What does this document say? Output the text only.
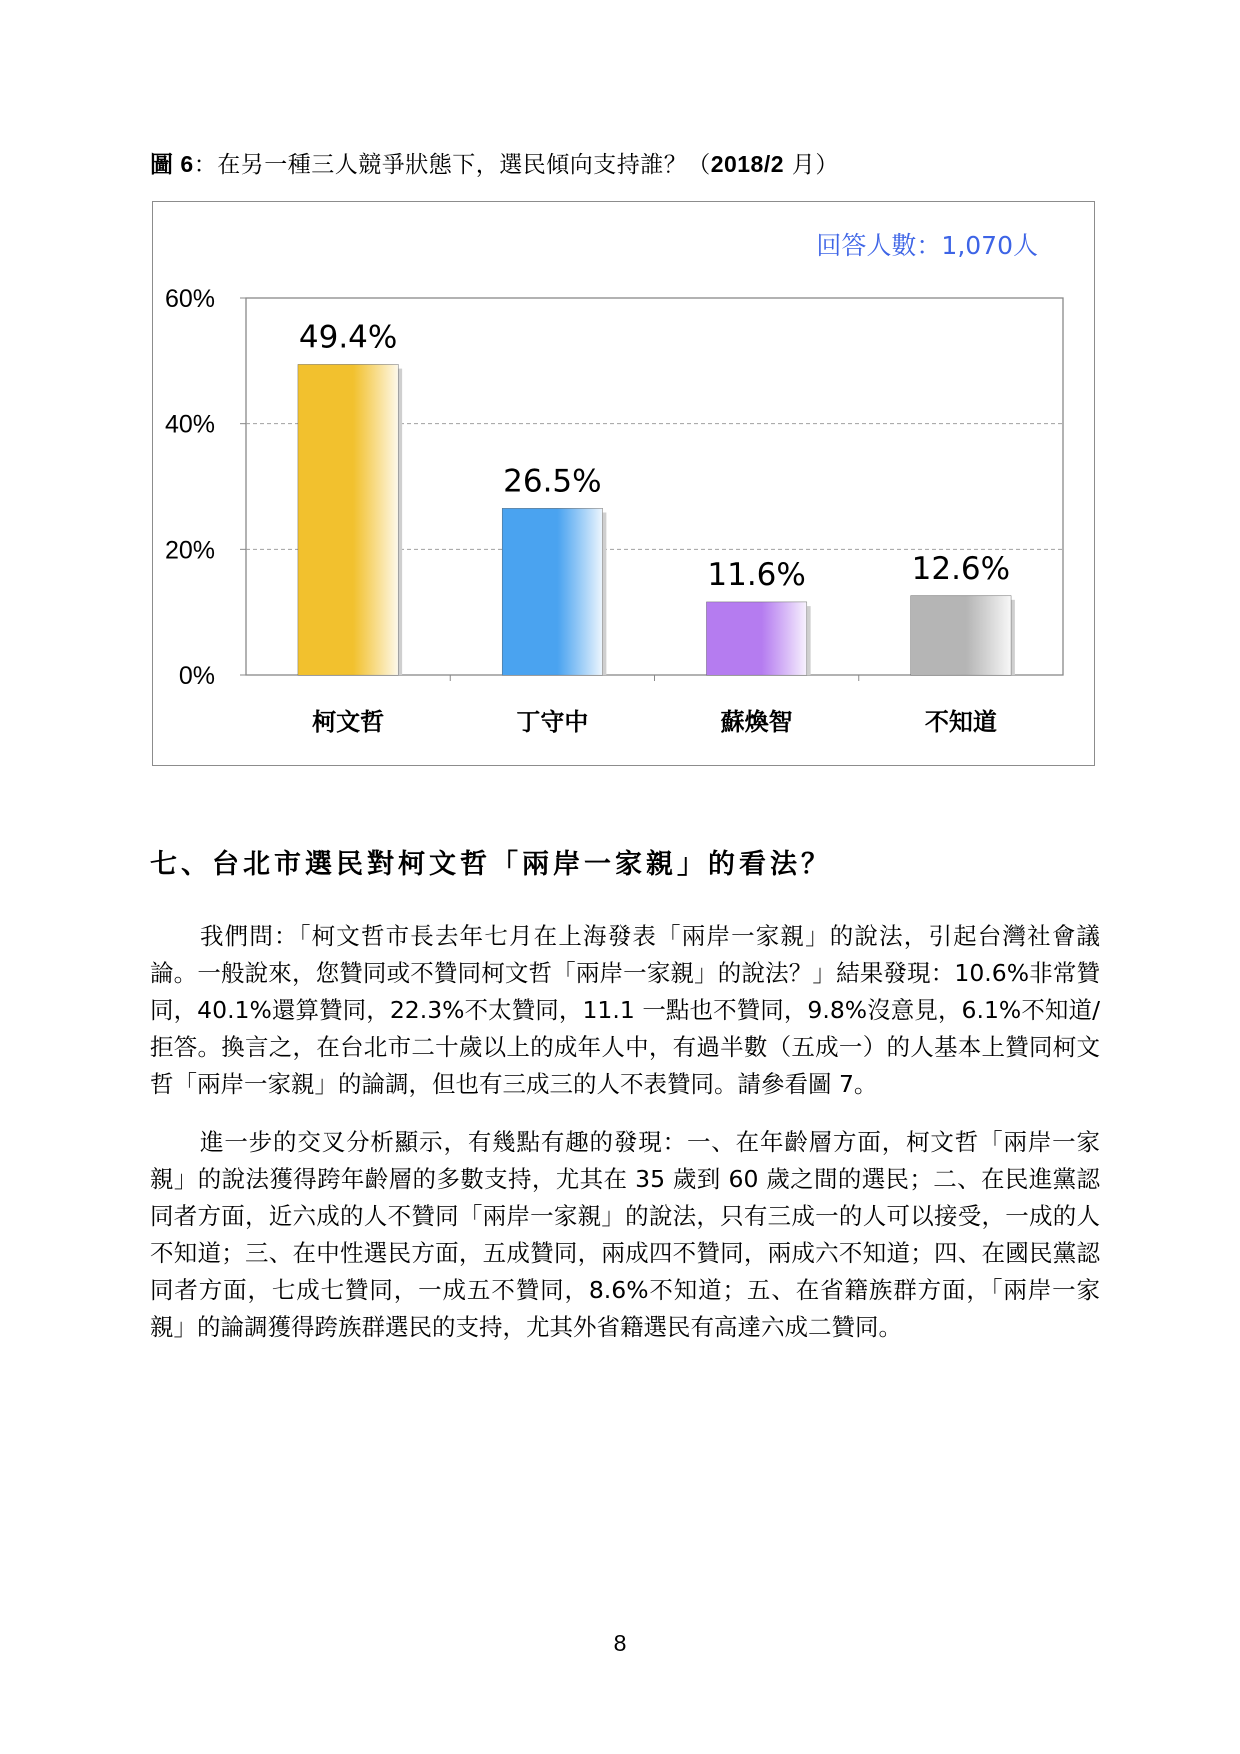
圖 6：在另一種三人競爭狀態下，選民傾向支持誰？（2018/2 月）
回答人數：1,070人
0%
20%
40%
60%
49.4%
柯文哲
26.5%
丁守中
11.6%
蘇煥智
12.6%
不知道
七、台北市選民對柯文哲「兩岸一家親」的看法？

我們問：「柯文哲市長去年七月在上海發表「兩岸一家親」的說法，引起台灣社會議論。一般說來，您贊同或不贊同柯文哲「兩岸一家親」的說法？」結果發現：10.6%非常贊同，40.1%還算贊同，22.3%不太贊同，11.1 一點也不贊同，9.8%沒意見，6.1%不知道/拒答。換言之，在台北市二十歲以上的成年人中，有過半數（五成一）的人基本上贊同柯文哲「兩岸一家親」的論調，但也有三成三的人不表贊同。請參看圖 7。

進一步的交叉分析顯示，有幾點有趣的發現：一、在年齡層方面，柯文哲「兩岸一家親」的說法獲得跨年齡層的多數支持，尤其在 35 歲到 60 歲之間的選民；二、在民進黨認同者方面，近六成的人不贊同「兩岸一家親」的說法，只有三成一的人可以接受，一成的人不知道；三、在中性選民方面，五成贊同，兩成四不贊同，兩成六不知道；四、在國民黨認同者方面，七成七贊同，一成五不贊同，8.6%不知道；五、在省籍族群方面，「兩岸一家親」的論調獲得跨族群選民的支持，尤其外省籍選民有高達六成二贊同。

8
